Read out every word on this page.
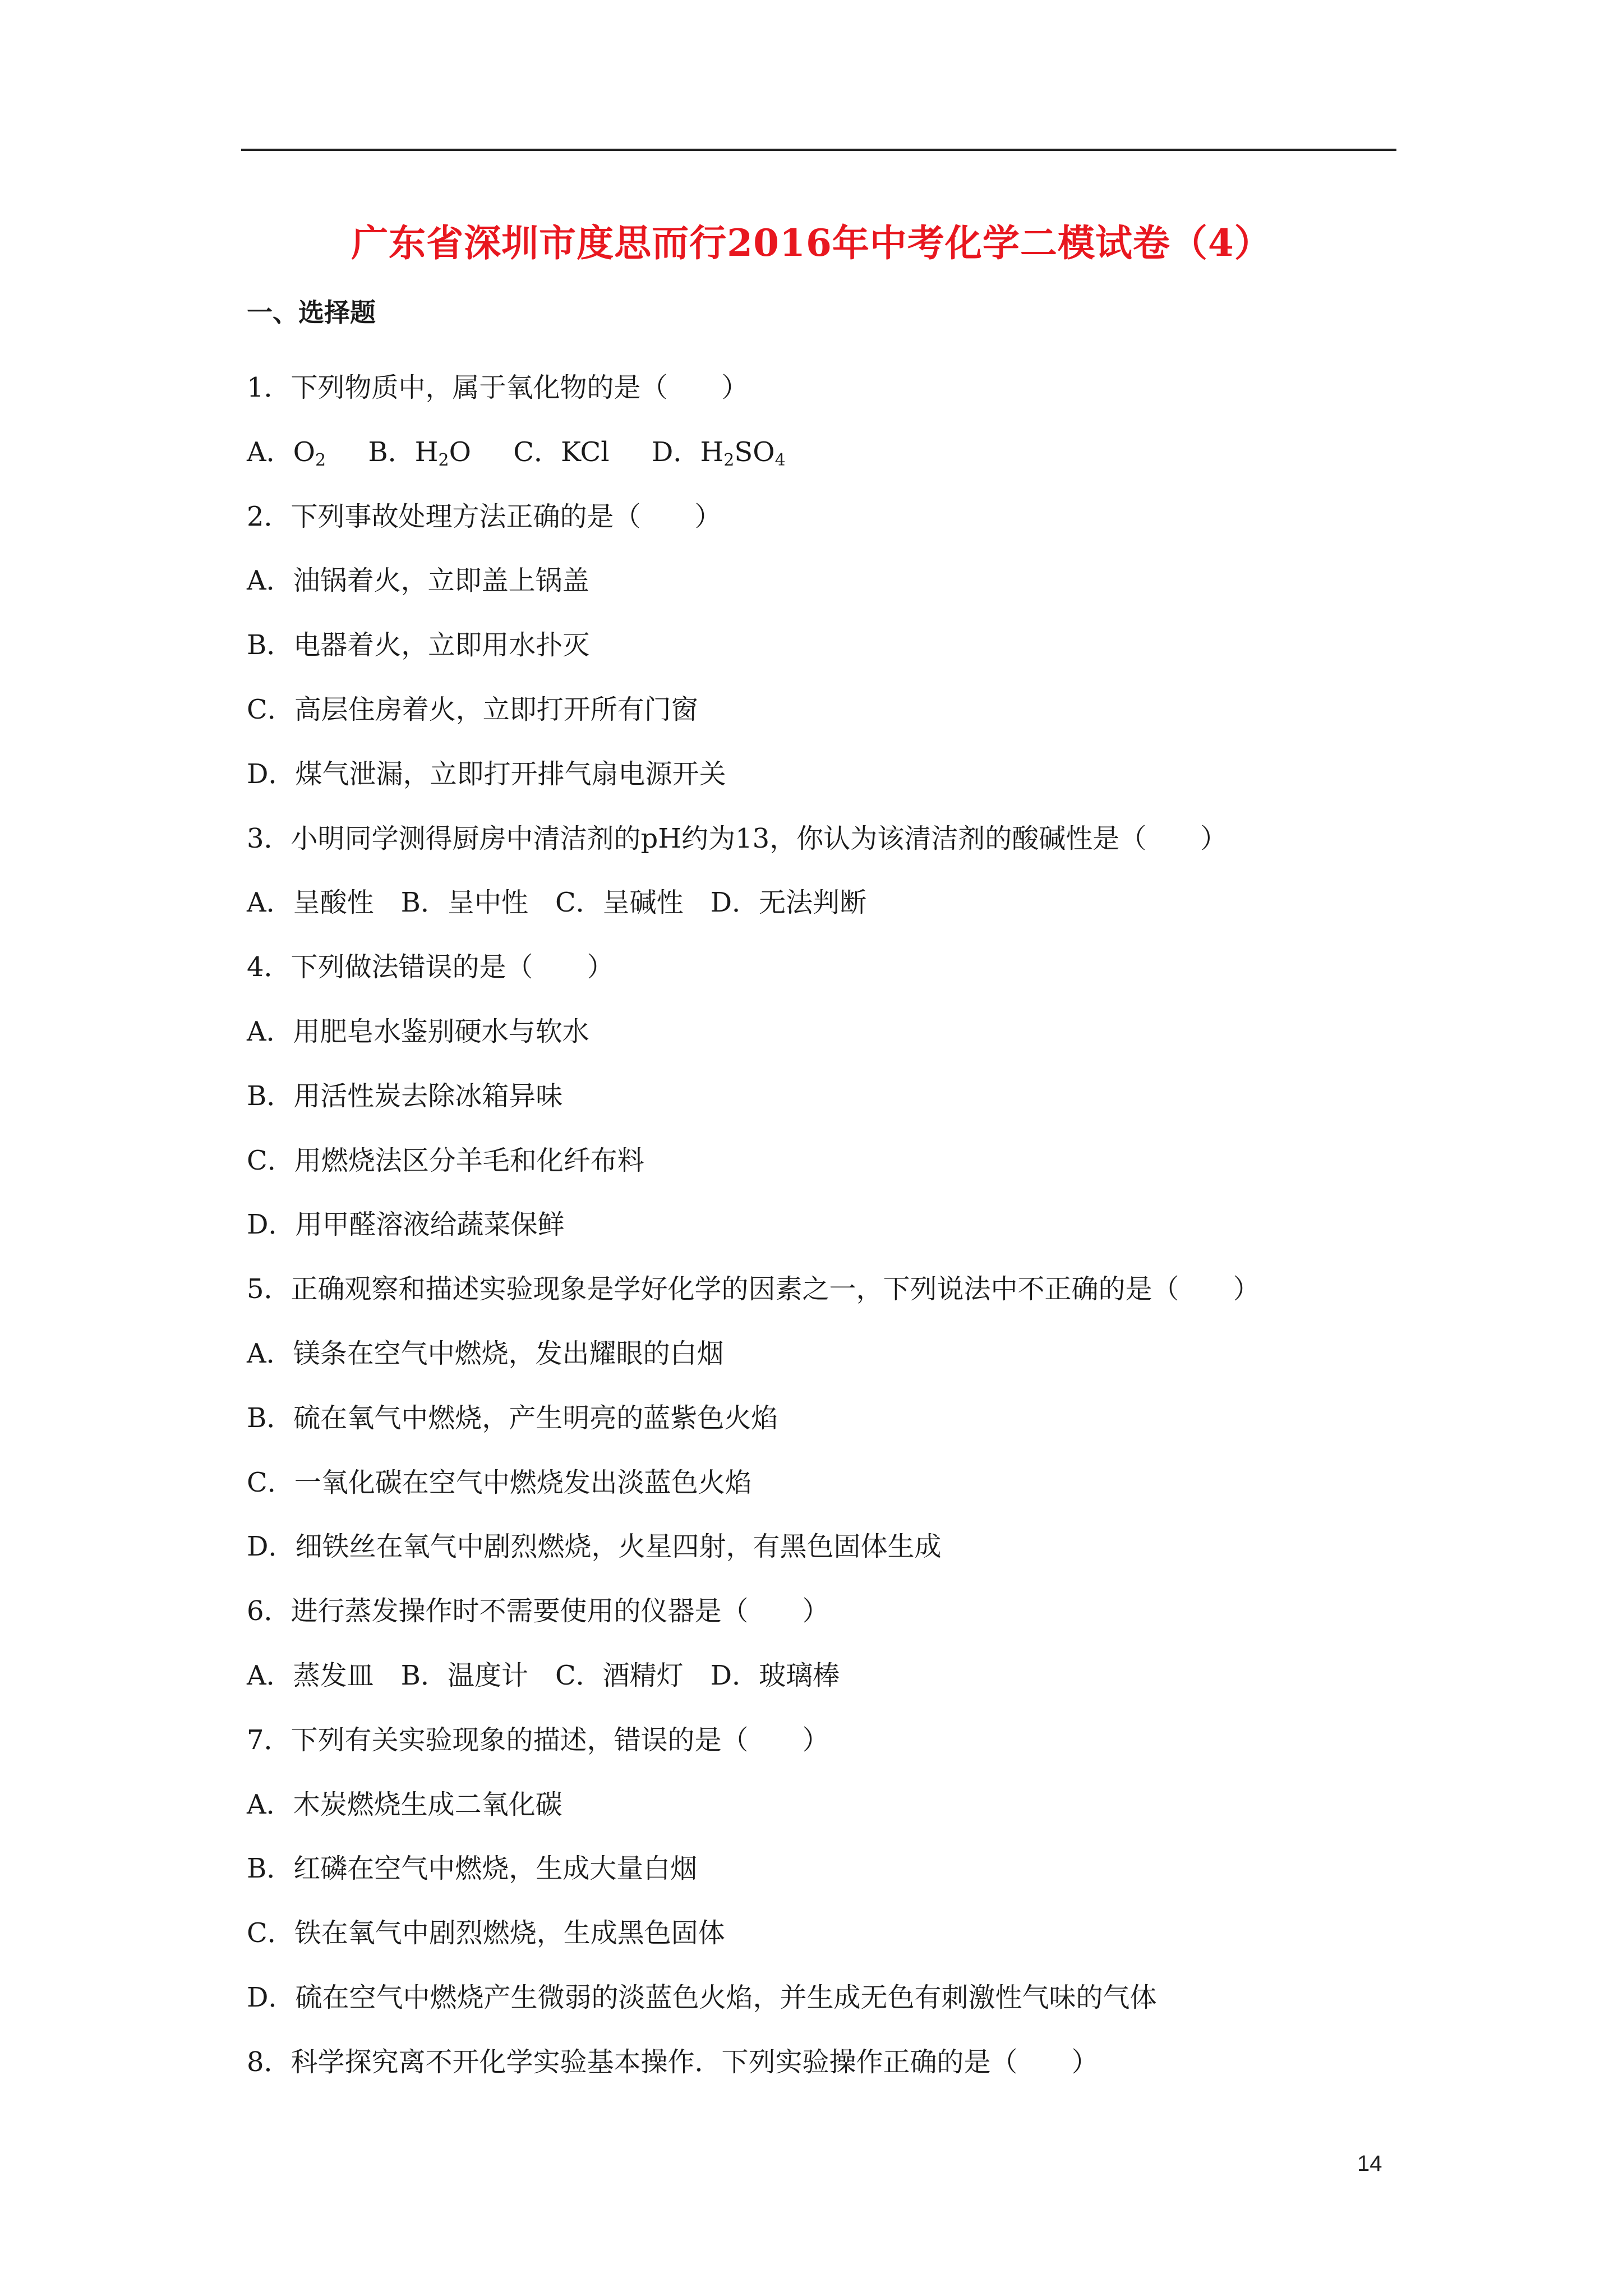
广东省深圳市度思而行2016年中考化学二模试卷（4）
一、选择题
1．下列物质中，属于氧化物的是（　　）
A．$O_2$ B．$H_2O$ C．KCl D．$H_2SO_4$
2．下列事故处理方法正确的是（　　）
A．油锅着火，立即盖上锅盖
B．电器着火，立即用水扑灭
C．高层住房着火，立即打开所有门窗
D．煤气泄漏，立即打开排气扇电源开关
3．小明同学测得厨房中清洁剂的pH约为13，你认为该清洁剂的酸碱性是（　　）
A．呈酸性　B．呈中性　C．呈碱性　D．无法判断
4．下列做法错误的是（　　）
A．用肥皂水鉴别硬水与软水
B．用活性炭去除冰箱异味
C．用燃烧法区分羊毛和化纤布料
D．用甲醛溶液给蔬菜保鲜
5．正确观察和描述实验现象是学好化学的因素之一，下列说法中不正确的是（　　）
A．镁条在空气中燃烧，发出耀眼的白烟
B．硫在氧气中燃烧，产生明亮的蓝紫色火焰
C．一氧化碳在空气中燃烧发出淡蓝色火焰
D．细铁丝在氧气中剧烈燃烧，火星四射，有黑色固体生成
6．进行蒸发操作时不需要使用的仪器是（　　）
A．蒸发皿　B．温度计　C．酒精灯　D．玻璃棒
7．下列有关实验现象的描述，错误的是（　　）
A．木炭燃烧生成二氧化碳
B．红磷在空气中燃烧，生成大量白烟
C．铁在氧气中剧烈燃烧，生成黑色固体
D．硫在空气中燃烧产生微弱的淡蓝色火焰，并生成无色有刺激性气味的气体
8．科学探究离不开化学实验基本操作．下列实验操作正确的是（　　）
14
